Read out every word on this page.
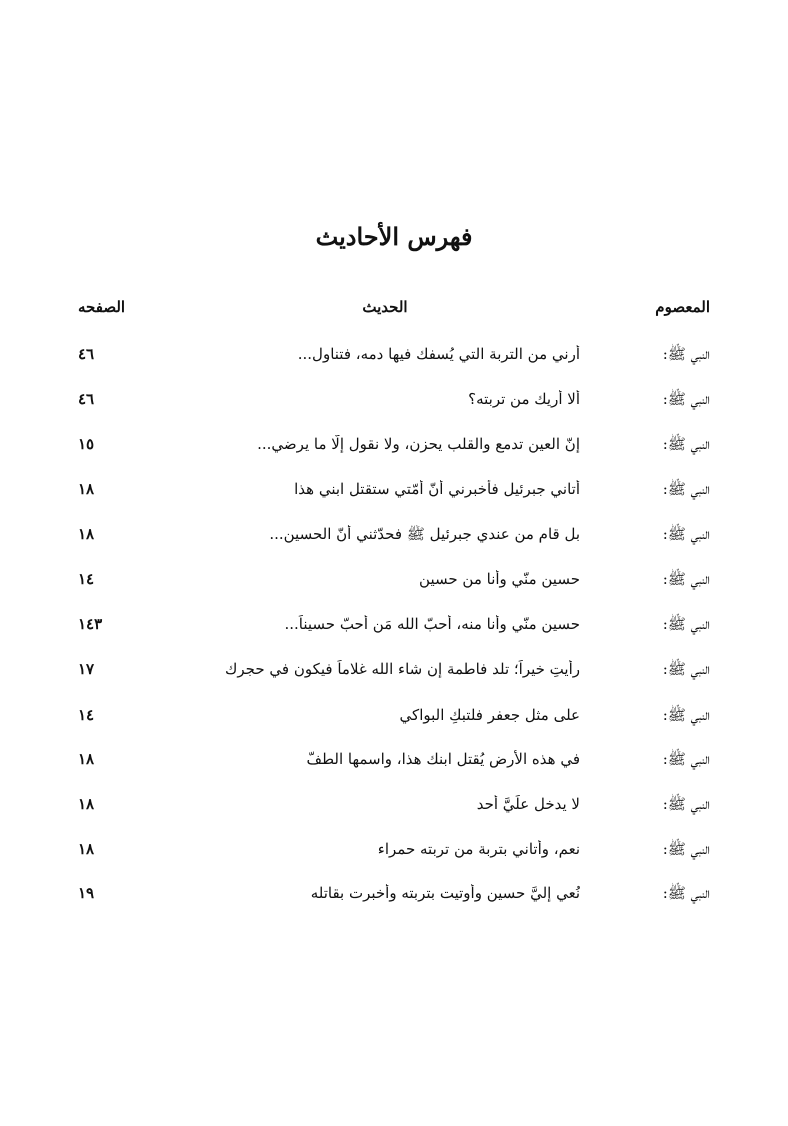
فهرس الأحاديث
المعصوم
الحديث
الصفحه
النبي ﷺ:
أرني من التربة التي يُسفك فيها دمه، فتناول...
٤٦
النبي ﷺ:
ألا أُريك من تربته؟
٤٦
النبي ﷺ:
إنّ العين تدمع والقلب يحزن، ولا نقول إلّا ما يرضي...
١٥
النبي ﷺ:
أتاني جبرئيل فأخبرني أنّ أُمّتي ستقتل ابني هذا
١٨
النبي ﷺ:
بل قام من عندي جبرئيل ﷺ فحدّثني أنّ الحسين...
١٨
النبي ﷺ:
حسين منّي وأنا من حسين
١٤
النبي ﷺ:
حسين منّي وأنا منه، أحبّ الله مَن أحبّ حسيناً...
١٤٣
النبي ﷺ:
رأيتِ خيراً؛ تلد فاطمة إن شاء الله غلاماً فيكون في حجرك
١٧
النبي ﷺ:
على مثل جعفر فلتبكِ البواكي
١٤
النبي ﷺ:
في هذه الأرض يُقتل ابنك هذا، واسمها الطفّ
١٨
النبي ﷺ:
لا يدخل علَيَّ أحد
١٨
النبي ﷺ:
نعم، وأتاني بتربة من تربته حمراء
١٨
النبي ﷺ:
نُعي إليَّ حسين وأُوتيت بتربته وأُخبرت بقاتله
١٩
